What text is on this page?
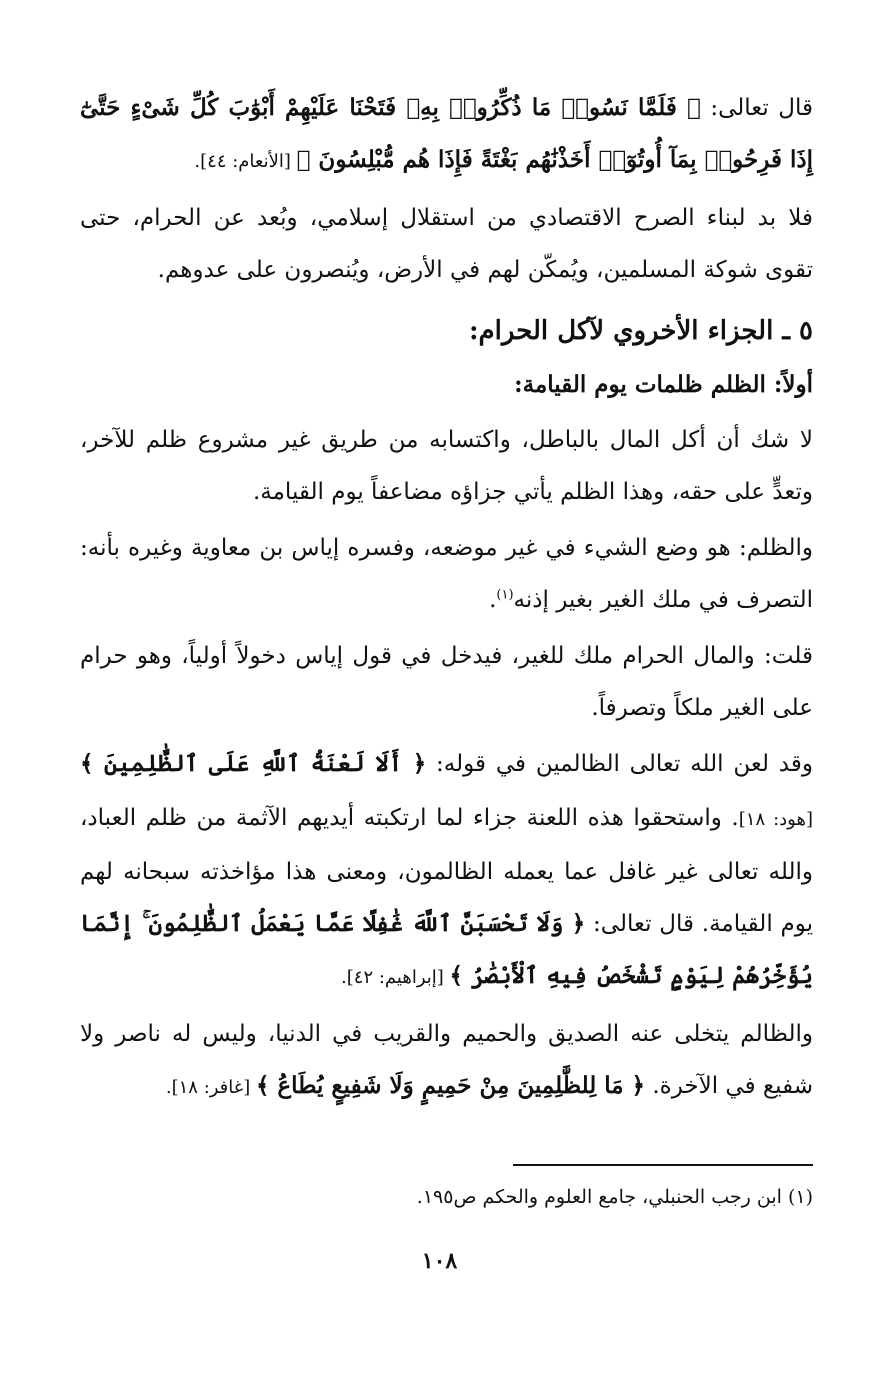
قال تعالى: ﴿ فَلَمَّا نَسُوا۟ مَا ذُكِّرُوا۟ بِهِۦ فَتَحْنَا عَلَيْهِمْ أَبْوَٰبَ كُلِّ شَىْءٍ حَتَّىٰٓ إِذَا فَرِحُوا۟ بِمَآ أُوتُوٓا۟ أَخَذْنَٰهُم بَغْتَةً فَإِذَا هُم مُّبْلِسُونَ ﴾ [الأنعام: ٤٤].

فلا بد لبناء الصرح الاقتصادي من استقلال إسلامي، وبُعد عن الحرام، حتى تقوى شوكة المسلمين، ويُمكّن لهم في الأرض، ويُنصرون على عدوهم.

٥ ـ الجزاء الأخروي لآكل الحرام:
أولاً: الظلم ظلمات يوم القيامة:

لا شك أن أكل المال بالباطل، واكتسابه من طريق غير مشروع ظلم للآخر، وتعدٍّ على حقه، وهذا الظلم يأتي جزاؤه مضاعفاً يوم القيامة.

والظلم: هو وضع الشيء في غير موضعه، وفسره إياس بن معاوية وغيره بأنه: التصرف في ملك الغير بغير إذنه$^{(١)}$.

قلت: والمال الحرام ملك للغير، فيدخل في قول إياس دخولاً أولياً، وهو حرام على الغير ملكاً وتصرفاً.

وقد لعن الله تعالى الظالمين في قوله: ﴿ أَلَا لَعْنَةُ ٱللَّهِ عَلَى ٱلظَّٰلِمِينَ ﴾ [هود: ١٨]. واستحقوا هذه اللعنة جزاء لما ارتكبته أيديهم الآثمة من ظلم العباد، والله تعالى غير غافل عما يعمله الظالمون، ومعنى هذا مؤاخذته سبحانه لهم يوم القيامة. قال تعالى: ﴿ وَلَا تَحْسَبَنَّ ٱللَّهَ غَٰفِلًا عَمَّا يَعْمَلُ ٱلظَّٰلِمُونَ ۚ إِنَّمَا يُؤَخِّرُهُمْ لِيَوْمٍ تَشْخَصُ فِيهِ ٱلْأَبْصَٰرُ ﴾ [إبراهيم: ٤٢].

والظالم يتخلى عنه الصديق والحميم والقريب في الدنيا، وليس له ناصر ولا شفيع في الآخرة. ﴿ مَا لِلظَّٰلِمِينَ مِنْ حَمِيمٍ وَلَا شَفِيعٍ يُطَاعُ ﴾ [غافر: ١٨].

(١) ابن رجب الحنبلي، جامع العلوم والحكم ص١٩٥.
١٠٨
